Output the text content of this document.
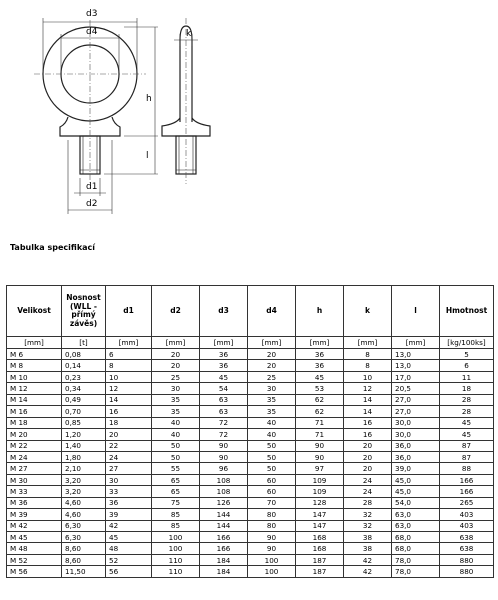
d3
d4
h
l
d1
d2
k
Tabulka specifikací
Velikost	Nosnost (WLL - přímý závěs)	d1	d2	d3	d4	h	k	l	Hmotnost
[mm]	[t]	[mm]	[mm]	[mm]	[mm]	[mm]	[mm]	[mm]	[kg/100ks]
M 6	0,08	6	20	36	20	36	8	13,0	5
M 8	0,14	8	20	36	20	36	8	13,0	6
M 10	0,23	10	25	45	25	45	10	17,0	11
M 12	0,34	12	30	54	30	53	12	20,5	18
M 14	0,49	14	35	63	35	62	14	27,0	28
M 16	0,70	16	35	63	35	62	14	27,0	28
M 18	0,85	18	40	72	40	71	16	30,0	45
M 20	1,20	20	40	72	40	71	16	30,0	45
M 22	1,40	22	50	90	50	90	20	36,0	87
M 24	1,80	24	50	90	50	90	20	36,0	87
M 27	2,10	27	55	96	50	97	20	39,0	88
M 30	3,20	30	65	108	60	109	24	45,0	166
M 33	3,20	33	65	108	60	109	24	45,0	166
M 36	4,60	36	75	126	70	128	28	54,0	265
M 39	4,60	39	85	144	80	147	32	63,0	403
M 42	6,30	42	85	144	80	147	32	63,0	403
M 45	6,30	45	100	166	90	168	38	68,0	638
M 48	8,60	48	100	166	90	168	38	68,0	638
M 52	8,60	52	110	184	100	187	42	78,0	880
M 56	11,50	56	110	184	100	187	42	78,0	880
